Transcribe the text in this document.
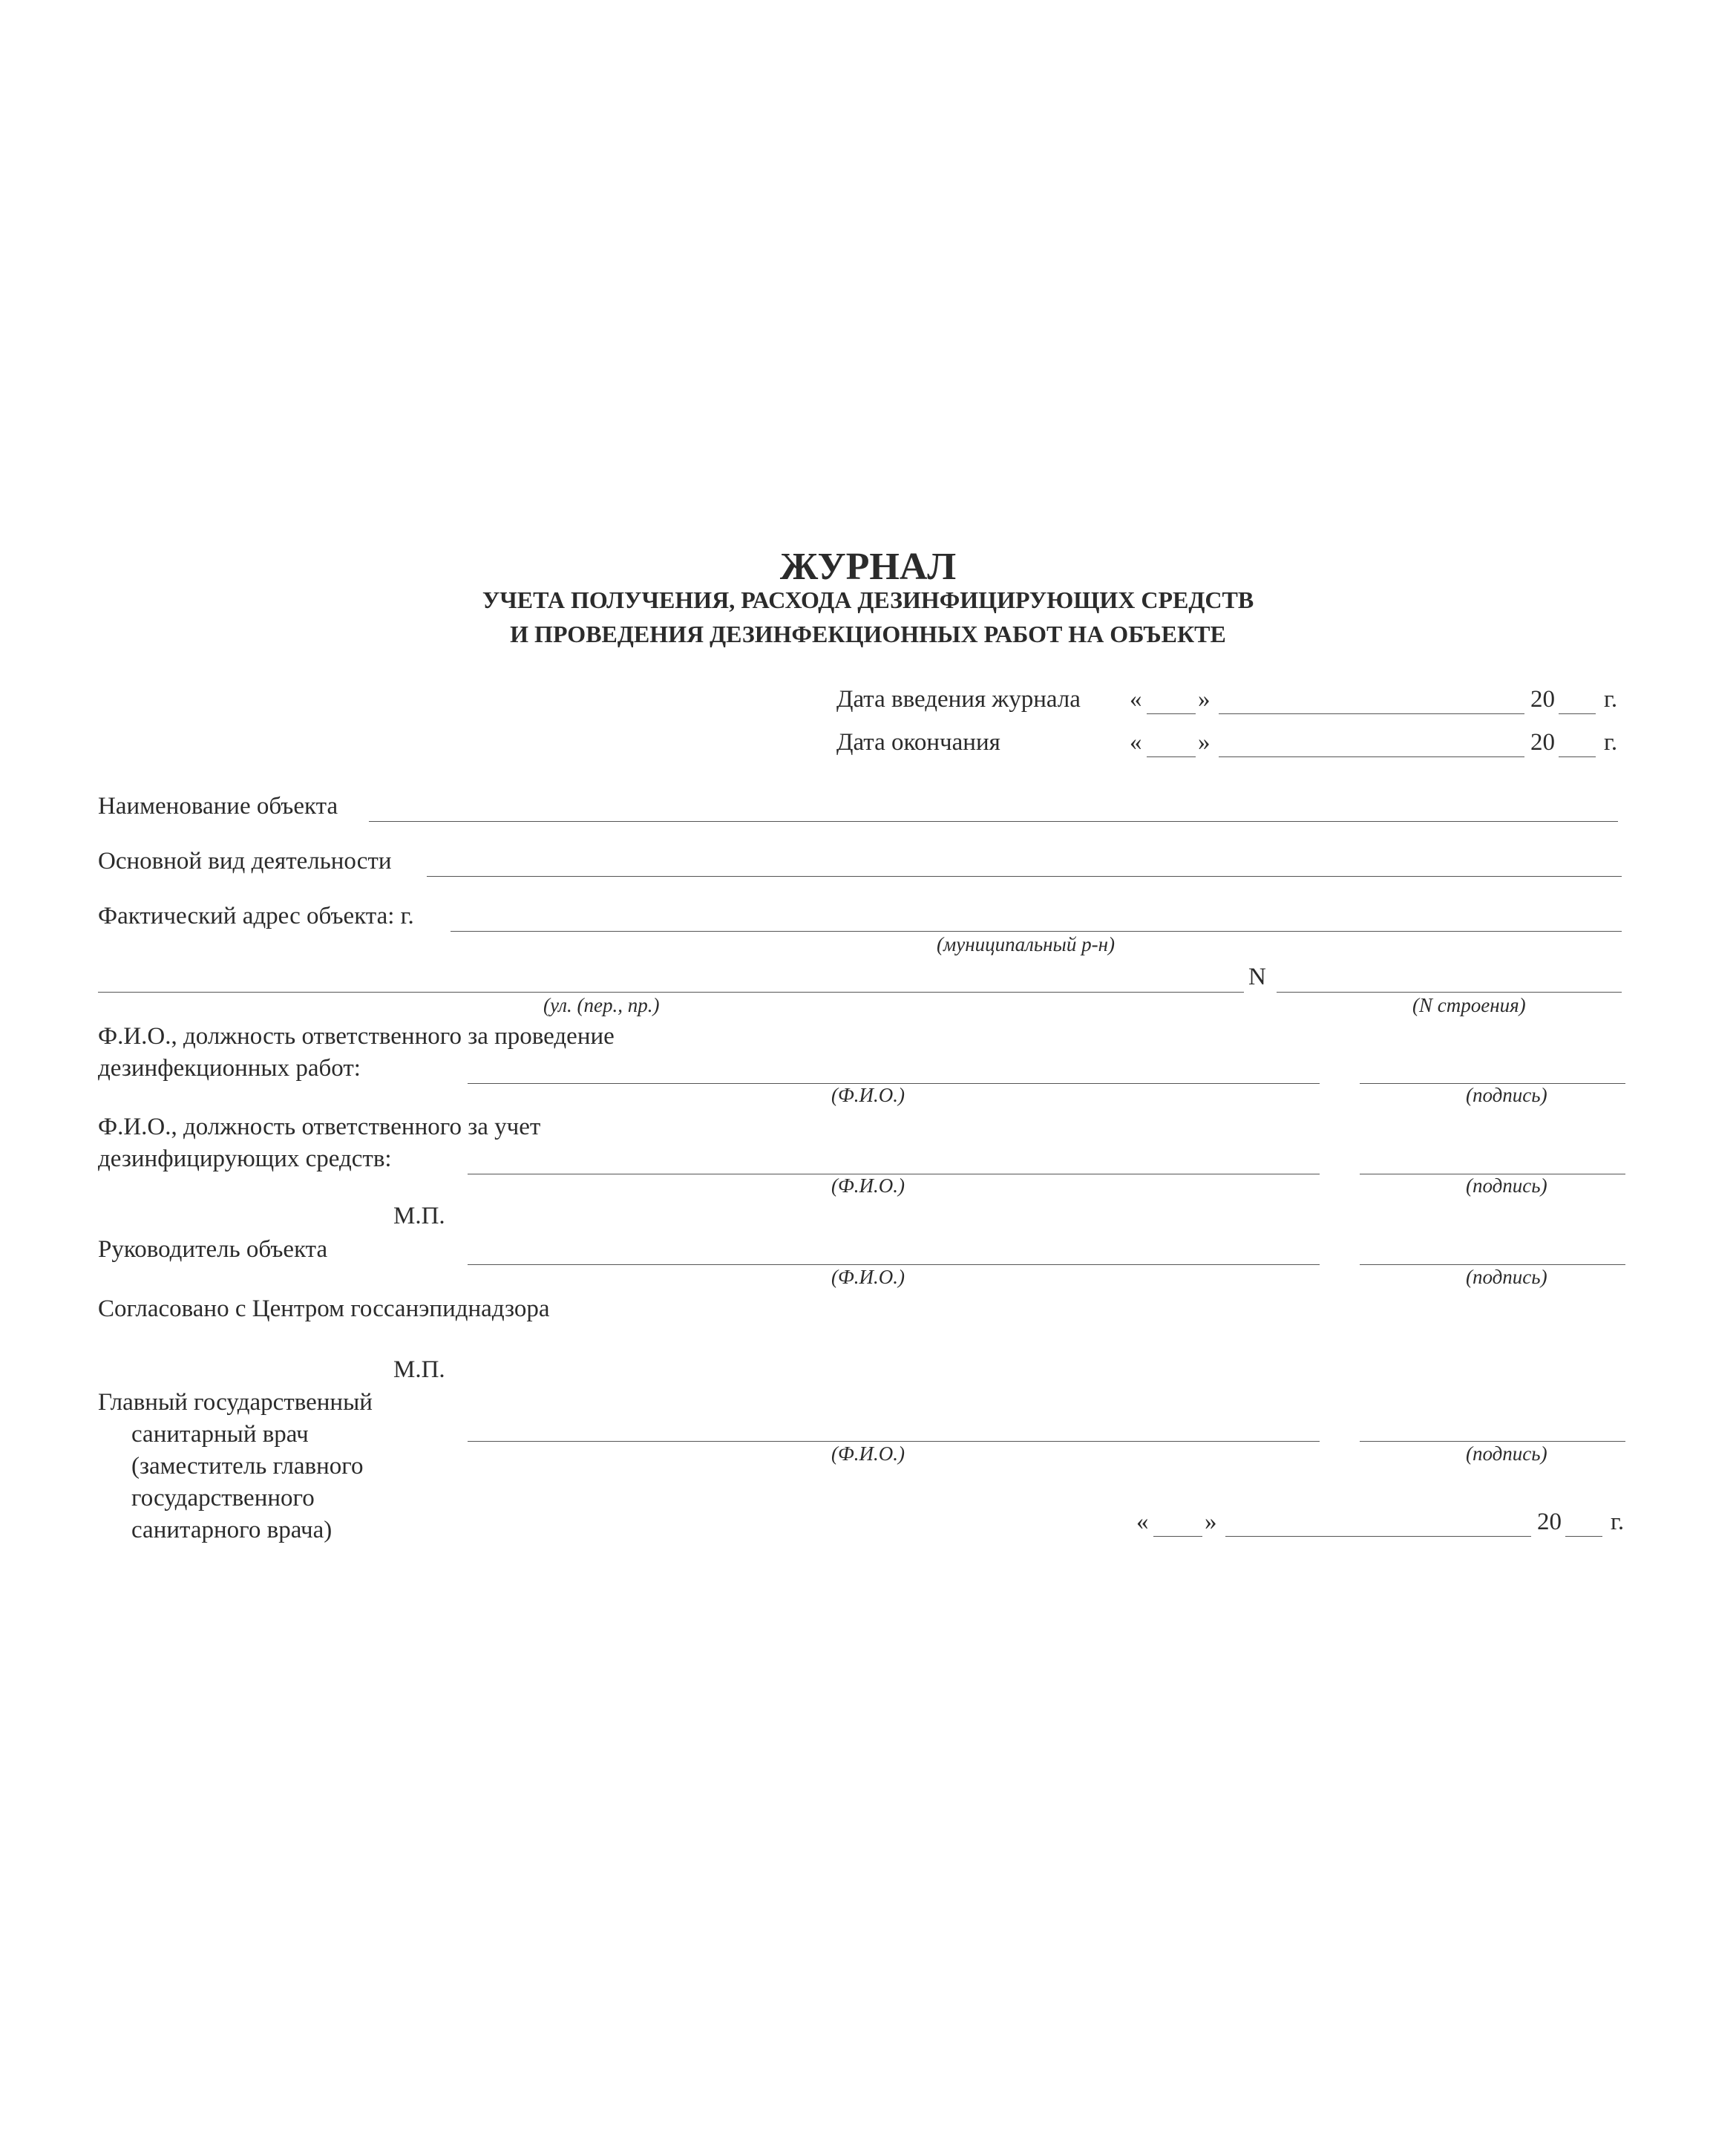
ЖУРНАЛ
УЧЕТА ПОЛУЧЕНИЯ, РАСХОДА ДЕЗИНФИЦИРУЮЩИХ СРЕДСТВ
И ПРОВЕДЕНИЯ ДЕЗИНФЕКЦИОННЫХ РАБОТ НА ОБЪЕКТЕ
Дата введения журнала « »	20 г.
Дата окончания	« »	20 г.
Наименование объекта
Основной вид деятельности
Фактический адрес объекта: г.
(муниципальный р-н)
N
(ул. (пер., пр.)	(N строения)
Ф.И.О., должность ответственного за проведение
дезинфекционных работ:
(Ф.И.О.)	(подпись)
Ф.И.О., должность ответственного за учет
дезинфицирующих средств:
(Ф.И.О.)	(подпись)
М.П.
Руководитель объекта
(Ф.И.О.)	(подпись)
Согласовано с Центром госсанэпиднадзора
М.П.
Главный государственный
санитарный врач
(заместитель главного
государственного
санитарного врача)
(Ф.И.О.)	(подпись)
« »	20 г.
